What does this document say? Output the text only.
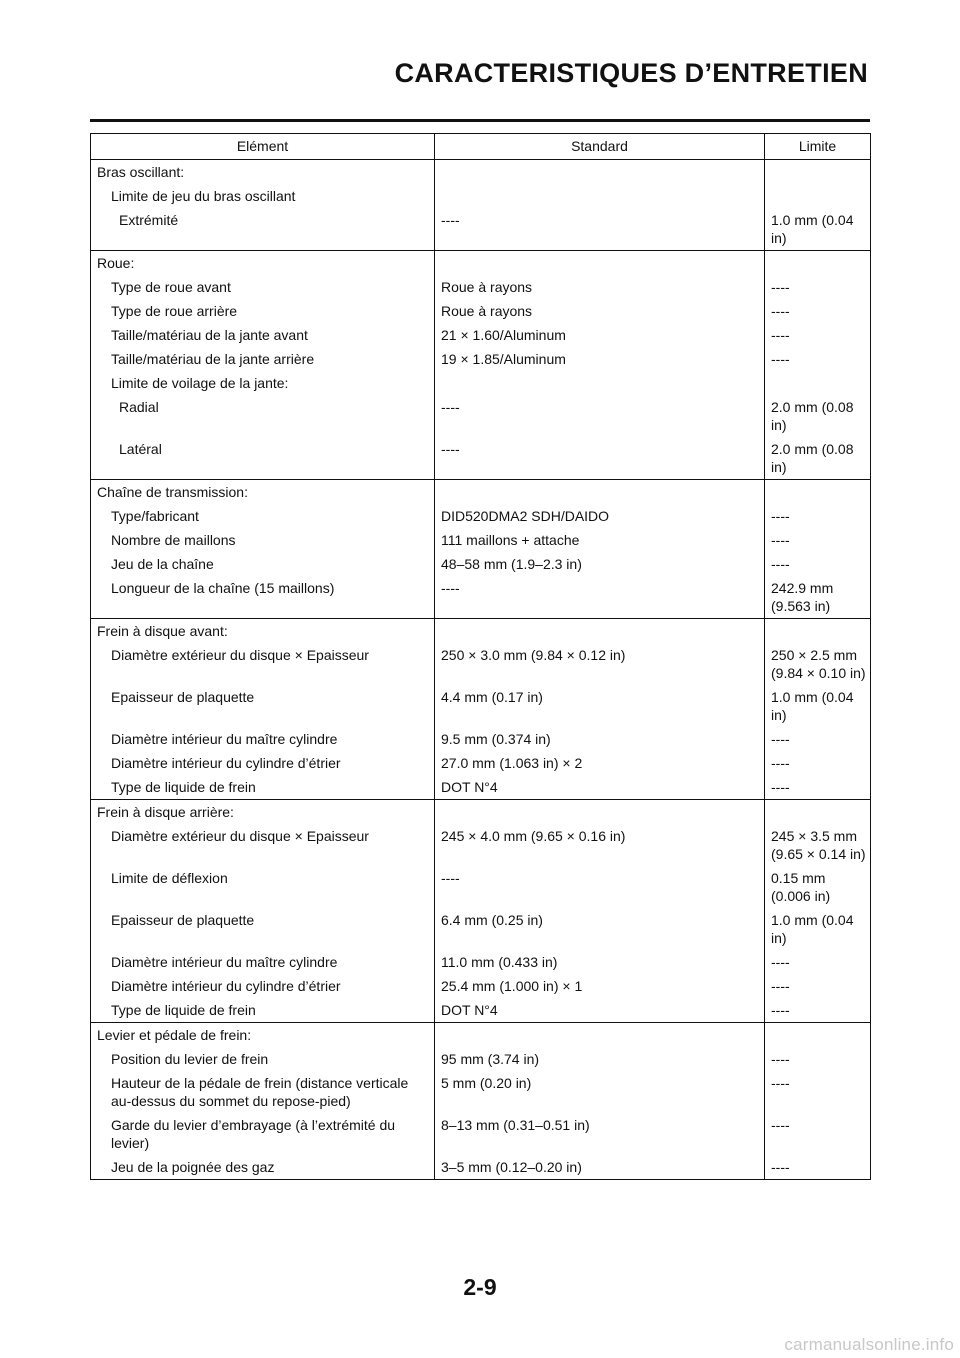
CARACTERISTIQUES D’ENTRETIEN
Elément	Standard	Limite
Bras oscillant:		
Limite de jeu du bras oscillant		
Extrémité	----	1.0 mm (0.04 in)
Roue:		
Type de roue avant	Roue à rayons	----
Type de roue arrière	Roue à rayons	----
Taille/matériau de la jante avant	21 × 1.60/Aluminum	----
Taille/matériau de la jante arrière	19 × 1.85/Aluminum	----
Limite de voilage de la jante:		
Radial	----	2.0 mm (0.08 in)
Latéral	----	2.0 mm (0.08 in)
Chaîne de transmission:		
Type/fabricant	DID520DMA2 SDH/DAIDO	----
Nombre de maillons	111 maillons + attache	----
Jeu de la chaîne	48–58 mm (1.9–2.3 in)	----
Longueur de la chaîne (15 maillons)	----	242.9 mm (9.563 in)
Frein à disque avant:		
Diamètre extérieur du disque × Epaisseur	250 × 3.0 mm (9.84 × 0.12 in)	250 × 2.5 mm (9.84 × 0.10 in)
Epaisseur de plaquette	4.4 mm (0.17 in)	1.0 mm (0.04 in)
Diamètre intérieur du maître cylindre	9.5 mm (0.374 in)	----
Diamètre intérieur du cylindre d’étrier	27.0 mm (1.063 in) × 2	----
Type de liquide de frein	DOT N°4	----
Frein à disque arrière:		
Diamètre extérieur du disque × Epaisseur	245 × 4.0 mm (9.65 × 0.16 in)	245 × 3.5 mm (9.65 × 0.14 in)
Limite de déflexion	----	0.15 mm (0.006 in)
Epaisseur de plaquette	6.4 mm (0.25 in)	1.0 mm (0.04 in)
Diamètre intérieur du maître cylindre	11.0 mm (0.433 in)	----
Diamètre intérieur du cylindre d’étrier	25.4 mm (1.000 in) × 1	----
Type de liquide de frein	DOT N°4	----
Levier et pédale de frein:		
Position du levier de frein	95 mm (3.74 in)	----
Hauteur de la pédale de frein (distance verticale au-dessus du sommet du repose-pied)	5 mm (0.20 in)	----
Garde du levier d’embrayage (à l’extrémité du levier)	8–13 mm (0.31–0.51 in)	----
Jeu de la poignée des gaz	3–5 mm (0.12–0.20 in)	----
2-9
carmanualsonline.info
